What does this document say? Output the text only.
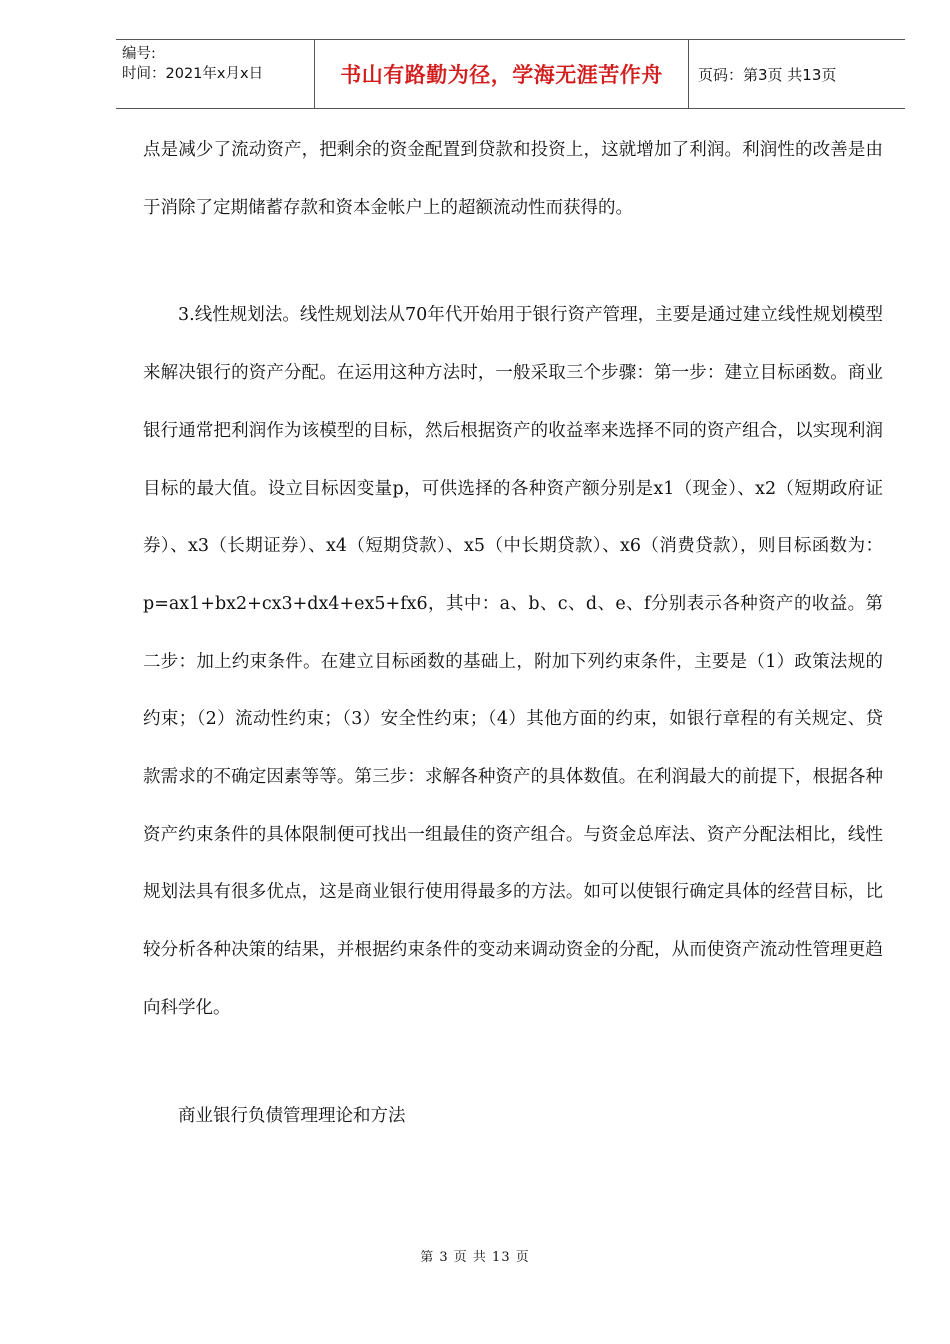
编号:
时间：2021年x月x日	书山有路勤为径，学海无涯苦作舟 页码：第3页 共13页

点是减少了流动资产，把剩余的资金配置到贷款和投资上，这就增加了利润。利润性的改善是由于消除了定期储蓄存款和资本金帐户上的超额流动性而获得的。

3.线性规划法。线性规划法从70年代开始用于银行资产管理，主要是通过建立线性规划模型来解决银行的资产分配。在运用这种方法时，一般采取三个步骤：第一步：建立目标函数。商业银行通常把利润作为该模型的目标，然后根据资产的收益率来选择不同的资产组合，以实现利润目标的最大值。设立目标因变量p，可供选择的各种资产额分别是x1（现金）、x2（短期政府证券）、x3（长期证券）、x4（短期贷款）、x5（中长期贷款）、x6（消费贷款），则目标函数为：p=ax1+bx2+cx3+dx4+ex5+fx6，其中：a、b、c、d、e、f分别表示各种资产的收益。第二步：加上约束条件。在建立目标函数的基础上，附加下列约束条件，主要是（1）政策法规的约束；（2）流动性约束；（3）安全性约束；（4）其他方面的约束，如银行章程的有关规定、贷款需求的不确定因素等等。第三步：求解各种资产的具体数值。在利润最大的前提下，根据各种资产约束条件的具体限制便可找出一组最佳的资产组合。与资金总库法、资产分配法相比，线性规划法具有很多优点，这是商业银行使用得最多的方法。如可以使银行确定具体的经营目标，比较分析各种决策的结果，并根据约束条件的变动来调动资金的分配，从而使资产流动性管理更趋向科学化。

商业银行负债管理理论和方法

第 3 页 共 13 页
